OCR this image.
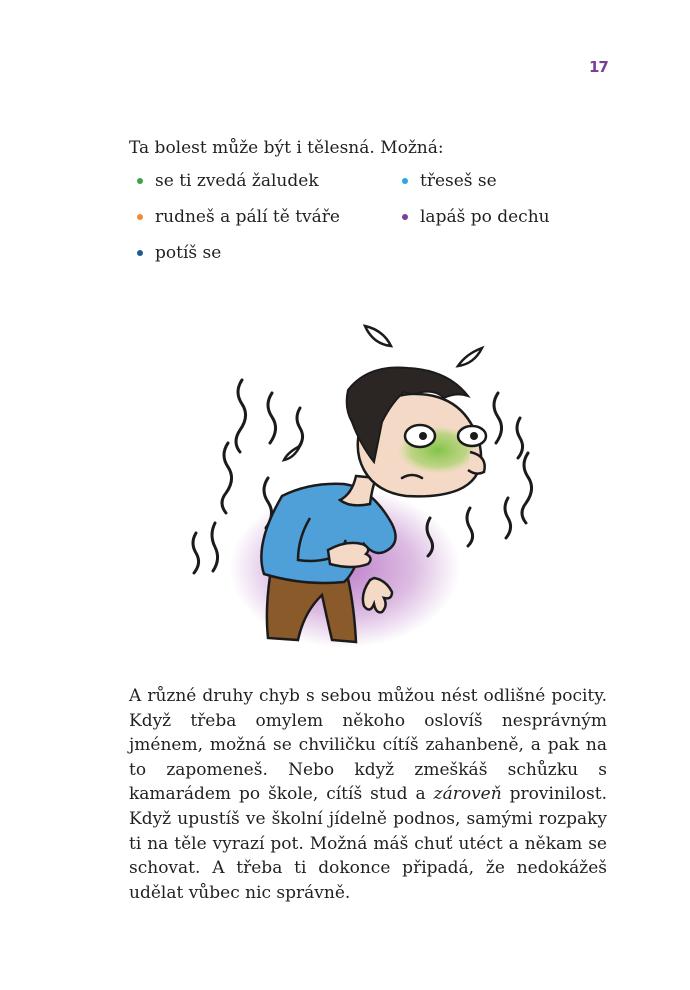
17

Ta bolest může být i tělesná. Možná:

se ti zvedá žaludek	třeseš se
rudneš a pálí tě tváře	lapáš po dechu
potíš se

A různé druhy chyb s sebou můžou nést odlišné pocity. Když třeba omylem někoho oslovíš nesprávným jménem, možná se chviličku cítíš zahanbeně, a pak na to zapomeneš. Nebo když zmeškáš schůzku s kamarádem po škole, cítíš stud a zároveň provinilost. Když upustíš ve školní jídelně podnos, samými rozpaky ti na těle vyrazí pot. Možná máš chuť utéct a někam se schovat. A třeba ti dokonce připadá, že nedokážeš udělat vůbec nic správně.
